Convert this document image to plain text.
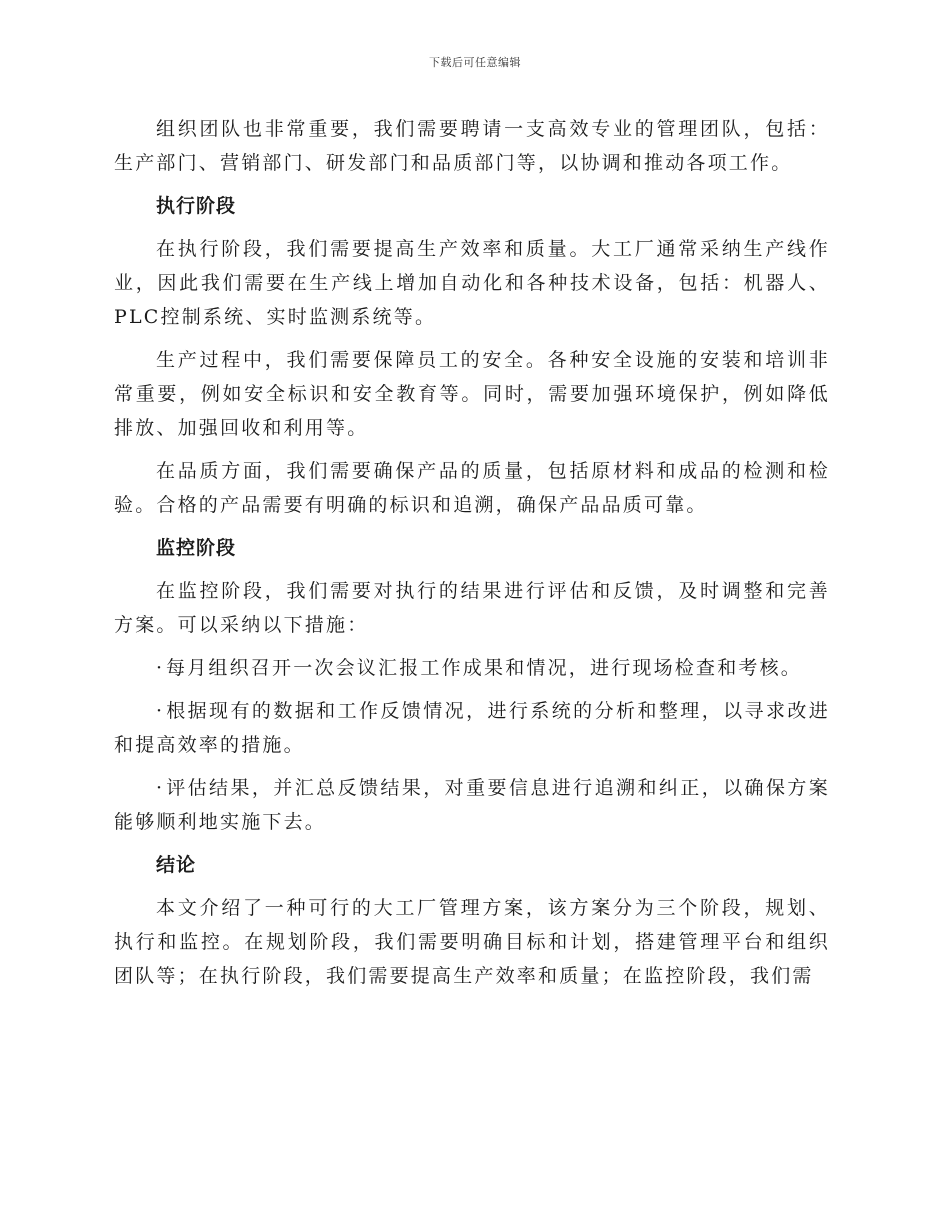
下载后可任意编辑

组织团队也非常重要，我们需要聘请一支高效专业的管理团队，包括：生产部门、营销部门、研发部门和品质部门等，以协调和推动各项工作。

执行阶段

在执行阶段，我们需要提高生产效率和质量。大工厂通常采纳生产线作业，因此我们需要在生产线上增加自动化和各种技术设备，包括：机器人、PLC控制系统、实时监测系统等。

生产过程中，我们需要保障员工的安全。各种安全设施的安装和培训非常重要，例如安全标识和安全教育等。同时，需要加强环境保护，例如降低排放、加强回收和利用等。

在品质方面，我们需要确保产品的质量，包括原材料和成品的检测和检验。合格的产品需要有明确的标识和追溯，确保产品品质可靠。

监控阶段

在监控阶段，我们需要对执行的结果进行评估和反馈，及时调整和完善方案。可以采纳以下措施：

·每月组织召开一次会议汇报工作成果和情况，进行现场检查和考核。

·根据现有的数据和工作反馈情况，进行系统的分析和整理，以寻求改进和提高效率的措施。

·评估结果，并汇总反馈结果，对重要信息进行追溯和纠正，以确保方案能够顺利地实施下去。

结论

本文介绍了一种可行的大工厂管理方案，该方案分为三个阶段，规划、执行和监控。在规划阶段，我们需要明确目标和计划，搭建管理平台和组织团队等；在执行阶段，我们需要提高生产效率和质量；在监控阶段，我们需
